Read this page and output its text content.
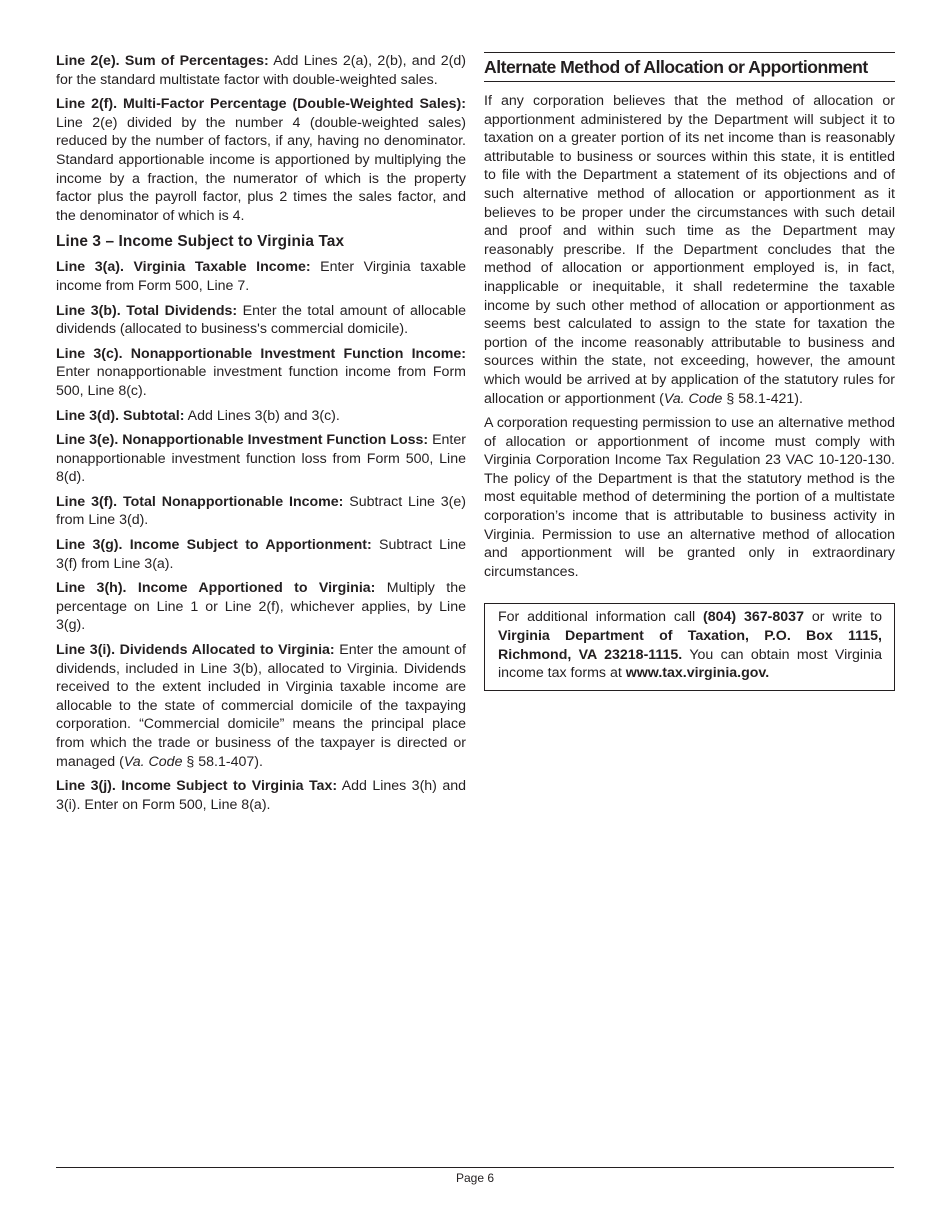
Line 2(e). Sum of Percentages: Add Lines 2(a), 2(b), and 2(d) for the standard multistate factor with double-weighted sales.

Line 2(f). Multi-Factor Percentage (Double-Weighted Sales): Line 2(e) divided by the number 4 (double-weighted sales) reduced by the number of factors, if any, having no denominator. Standard apportionable income is apportioned by multiplying the income by a fraction, the numerator of which is the property factor plus the payroll factor, plus 2 times the sales factor, and the denominator of which is 4.

Line 3 – Income Subject to Virginia Tax

Line 3(a). Virginia Taxable Income: Enter Virginia taxable income from Form 500, Line 7.

Line 3(b). Total Dividends: Enter the total amount of allocable dividends (allocated to business's commercial domicile).

Line 3(c). Nonapportionable Investment Function Income: Enter nonapportionable investment function income from Form 500, Line 8(c).

Line 3(d). Subtotal: Add Lines 3(b) and 3(c).

Line 3(e). Nonapportionable Investment Function Loss: Enter nonapportionable investment function loss from Form 500, Line 8(d).

Line 3(f). Total Nonapportionable Income: Subtract Line 3(e) from Line 3(d).

Line 3(g). Income Subject to Apportionment: Subtract Line 3(f) from Line 3(a).

Line 3(h). Income Apportioned to Virginia: Multiply the percentage on Line 1 or Line 2(f), whichever applies, by Line 3(g).

Line 3(i). Dividends Allocated to Virginia: Enter the amount of dividends, included in Line 3(b), allocated to Virginia. Dividends received to the extent included in Virginia taxable income are allocable to the state of commercial domicile of the taxpaying corporation. “Commercial domicile” means the principal place from which the trade or business of the taxpayer is directed or managed (Va. Code § 58.1-407).

Line 3(j). Income Subject to Virginia Tax: Add Lines 3(h) and 3(i). Enter on Form 500, Line 8(a).

Alternate Method of Allocation or Apportionment

If any corporation believes that the method of allocation or apportionment administered by the Department will subject it to taxation on a greater portion of its net income than is reasonably attributable to business or sources within this state, it is entitled to file with the Department a statement of its objections and of such alternative method of allocation or apportionment as it believes to be proper under the circumstances with such detail and proof and within such time as the Department may reasonably prescribe. If the Department concludes that the method of allocation or apportionment employed is, in fact, inapplicable or inequitable, it shall redetermine the taxable income by such other method of allocation or apportionment as seems best calculated to assign to the state for taxation the portion of the income reasonably attributable to business and sources within the state, not exceeding, however, the amount which would be arrived at by application of the statutory rules for allocation or apportionment (Va. Code § 58.1-421).

A corporation requesting permission to use an alternative method of allocation or apportionment of income must comply with Virginia Corporation Income Tax Regulation 23 VAC 10-120-130. The policy of the Department is that the statutory method is the most equitable method of determining the portion of a multistate corporation’s income that is attributable to business activity in Virginia. Permission to use an alternative method of allocation and apportionment will be granted only in extraordinary circumstances.

For additional information call (804) 367-8037 or write to Virginia Department of Taxation, P.O. Box 1115, Richmond, VA 23218-1115. You can obtain most Virginia income tax forms at www.tax.virginia.gov.

Page 6
